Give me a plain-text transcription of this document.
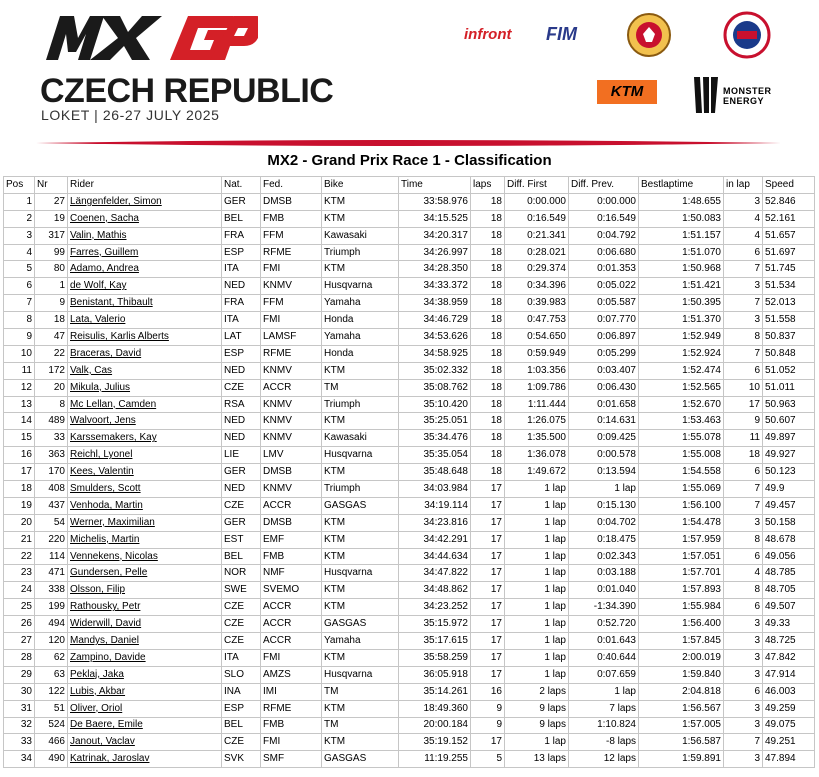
CZECH REPUBLIC
LOKET | 26-27 JULY 2025
infront FIM
KTM	MONSTER ENERGY
MX2 - Grand Prix Race 1 - Classification
Pos	Nr	Rider	Nat.	Fed.	Bike	Time	laps	Diff. First	Diff. Prev.	Bestlaptime	in lap	Speed
1	27	Längenfelder, Simon	GER	DMSB	KTM	33:58.976	18	0:00.000	0:00.000	1:48.655	3	52.846
2	19	Coenen, Sacha	BEL	FMB	KTM	34:15.525	18	0:16.549	0:16.549	1:50.083	4	52.161
3	317	Valin, Mathis	FRA	FFM	Kawasaki	34:20.317	18	0:21.341	0:04.792	1:51.157	4	51.657
4	99	Farres, Guillem	ESP	RFME	Triumph	34:26.997	18	0:28.021	0:06.680	1:51.070	6	51.697
5	80	Adamo, Andrea	ITA	FMI	KTM	34:28.350	18	0:29.374	0:01.353	1:50.968	7	51.745
6	1	de Wolf, Kay	NED	KNMV	Husqvarna	34:33.372	18	0:34.396	0:05.022	1:51.421	3	51.534
7	9	Benistant, Thibault	FRA	FFM	Yamaha	34:38.959	18	0:39.983	0:05.587	1:50.395	7	52.013
8	18	Lata, Valerio	ITA	FMI	Honda	34:46.729	18	0:47.753	0:07.770	1:51.370	3	51.558
9	47	Reisulis, Karlis Alberts	LAT	LAMSF	Yamaha	34:53.626	18	0:54.650	0:06.897	1:52.949	8	50.837
10	22	Braceras, David	ESP	RFME	Honda	34:58.925	18	0:59.949	0:05.299	1:52.924	7	50.848
11	172	Valk, Cas	NED	KNMV	KTM	35:02.332	18	1:03.356	0:03.407	1:52.474	6	51.052
12	20	Mikula, Julius	CZE	ACCR	TM	35:08.762	18	1:09.786	0:06.430	1:52.565	10	51.011
13	8	Mc Lellan, Camden	RSA	KNMV	Triumph	35:10.420	18	1:11.444	0:01.658	1:52.670	17	50.963
14	489	Walvoort, Jens	NED	KNMV	KTM	35:25.051	18	1:26.075	0:14.631	1:53.463	9	50.607
15	33	Karssemakers, Kay	NED	KNMV	Kawasaki	35:34.476	18	1:35.500	0:09.425	1:55.078	11	49.897
16	363	Reichl, Lyonel	LIE	LMV	Husqvarna	35:35.054	18	1:36.078	0:00.578	1:55.008	18	49.927
17	170	Kees, Valentin	GER	DMSB	KTM	35:48.648	18	1:49.672	0:13.594	1:54.558	6	50.123
18	408	Smulders, Scott	NED	KNMV	Triumph	34:03.984	17	1 lap	1 lap	1:55.069	7	49.9
19	437	Venhoda, Martin	CZE	ACCR	GASGAS	34:19.114	17	1 lap	0:15.130	1:56.100	7	49.457
20	54	Werner, Maximilian	GER	DMSB	KTM	34:23.816	17	1 lap	0:04.702	1:54.478	3	50.158
21	220	Michelis, Martin	EST	EMF	KTM	34:42.291	17	1 lap	0:18.475	1:57.959	8	48.678
22	114	Vennekens, Nicolas	BEL	FMB	KTM	34:44.634	17	1 lap	0:02.343	1:57.051	6	49.056
23	471	Gundersen, Pelle	NOR	NMF	Husqvarna	34:47.822	17	1 lap	0:03.188	1:57.701	4	48.785
24	338	Olsson, Filip	SWE	SVEMO	KTM	34:48.862	17	1 lap	0:01.040	1:57.893	8	48.705
25	199	Rathousky, Petr	CZE	ACCR	KTM	34:23.252	17	1 lap	-1:34.390	1:55.984	6	49.507
26	494	Widerwill, David	CZE	ACCR	GASGAS	35:15.972	17	1 lap	0:52.720	1:56.400	3	49.33
27	120	Mandys, Daniel	CZE	ACCR	Yamaha	35:17.615	17	1 lap	0:01.643	1:57.845	3	48.725
28	62	Zampino, Davide	ITA	FMI	KTM	35:58.259	17	1 lap	0:40.644	2:00.019	3	47.842
29	63	Peklaj, Jaka	SLO	AMZS	Husqvarna	36:05.918	17	1 lap	0:07.659	1:59.840	3	47.914
30	122	Lubis, Akbar	INA	IMI	TM	35:14.261	16	2 laps	1 lap	2:04.818	6	46.003
31	51	Oliver, Oriol	ESP	RFME	KTM	18:49.360	9	9 laps	7 laps	1:56.567	3	49.259
32	524	De Baere, Emile	BEL	FMB	TM	20:00.184	9	9 laps	1:10.824	1:57.005	3	49.075
33	466	Janout, Vaclav	CZE	FMI	KTM	35:19.152	17	1 lap	-8 laps	1:56.587	7	49.251
34	490	Katrinak, Jaroslav	SVK	SMF	GASGAS	11:19.255	5	13 laps	12 laps	1:59.891	3	47.894
